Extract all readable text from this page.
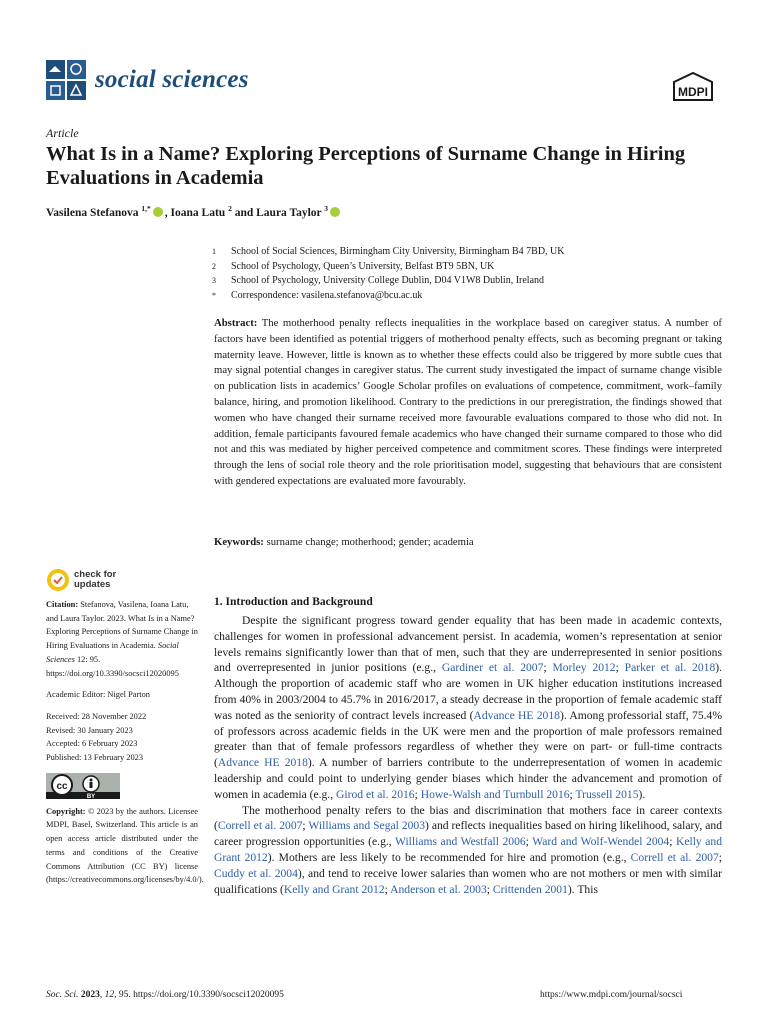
social sciences	MDPI
Article
What Is in a Name? Exploring Perceptions of Surname Change in Hiring Evaluations in Academia
Vasilena Stefanova $^{1,*}$ , Ioana Latu $^2$ and Laura Taylor $^3$
1	School of Social Sciences, Birmingham City University, Birmingham B4 7BD, UK
2	School of Psychology, Queen’s University, Belfast BT9 5BN, UK
3	School of Psychology, University College Dublin, D04 V1W8 Dublin, Ireland
*	Correspondence: vasilena.stefanova@bcu.ac.uk
Abstract: The motherhood penalty reflects inequalities in the workplace based on caregiver status. A number of factors have been identified as potential triggers of motherhood penalty effects, such as becoming pregnant or taking maternity leave. However, little is known as to whether these effects could also be triggered by more subtle cues that may signal potential changes in caregiver status. The current study investigated the impact of surname change visible on publication lists in academics’ Google Scholar profiles on evaluations of competence, commitment, work–family balance, hiring, and promotion likelihood. Contrary to the predictions in our preregistration, the findings showed that women who have changed their surname received more favourable evaluations compared to those who did not. In addition, female participants favoured female academics who have changed their surname compared to those who did not and this was mediated by higher perceived competence and commitment scores. These findings were interpreted through the lens of social role theory and the role prioritisation model, suggesting that behaviours that are consistent with gendered expectations are evaluated more favourably.
Keywords: surname change; motherhood; gender; academia
check for
updates
Citation: Stefanova, Vasilena, Ioana Latu, and Laura Taylor. 2023. What Is in a Name? Exploring Perceptions of Surname Change in Hiring Evaluations in Academia. Social Sciences 12: 95. https://doi.org/10.3390/socsci12020095
Academic Editor: Nigel Parton
Received: 28 November 2022
Revised: 30 January 2023
Accepted: 6 February 2023
Published: 13 February 2023
cc
BY
Copyright: © 2023 by the authors. Licensee MDPI, Basel, Switzerland. This article is an open access article distributed under the terms and conditions of the Creative Commons Attribution (CC BY) license (https://creativecommons.org/licenses/by/4.0/).
1. Introduction and Background

Despite the significant progress toward gender equality that has been made in academic contexts, challenges for women in professional advancement persist. In academia, women’s representation at senior levels remains significantly lower than that of men, such that they are underrepresented in senior positions and overrepresented in junior positions (e.g., Gardiner et al. 2007; Morley 2012; Parker et al. 2018). Although the proportion of academic staff who are women in UK higher education institutions increased from 40% in 2003/2004 to 45.7% in 2016/2017, a steady decrease in the proportion of female academic staff was noted as the seniority of contract levels increased (Advance HE 2018). Among professorial staff, 75.4% of professors across academic fields in the UK were men and the proportion of male professors remained greater than that of female professors regardless of whether they were on part- or full-time contracts (Advance HE 2018). A number of barriers contribute to the underrepresentation of women in academic leadership and could point to underlying gender biases which hinder the advancement and promotion of women in academia (e.g., Girod et al. 2016; Howe-Walsh and Turnbull 2016; Trussell 2015).

The motherhood penalty refers to the bias and discrimination that mothers face in career contexts (Correll et al. 2007; Williams and Segal 2003) and reflects inequalities based on hiring likelihood, salary, and career progression opportunities (e.g., Williams and Westfall 2006; Ward and Wolf-Wendel 2004; Kelly and Grant 2012). Mothers are less likely to be recommended for hire and promotion (e.g., Correll et al. 2007; Cuddy et al. 2004), and tend to receive lower salaries than women who are not mothers or men with similar qualifications (Kelly and Grant 2012; Anderson et al. 2003; Crittenden 2001). This

Soc. Sci. 2023, 12, 95. https://doi.org/10.3390/socsci12020095	https://www.mdpi.com/journal/socsci
